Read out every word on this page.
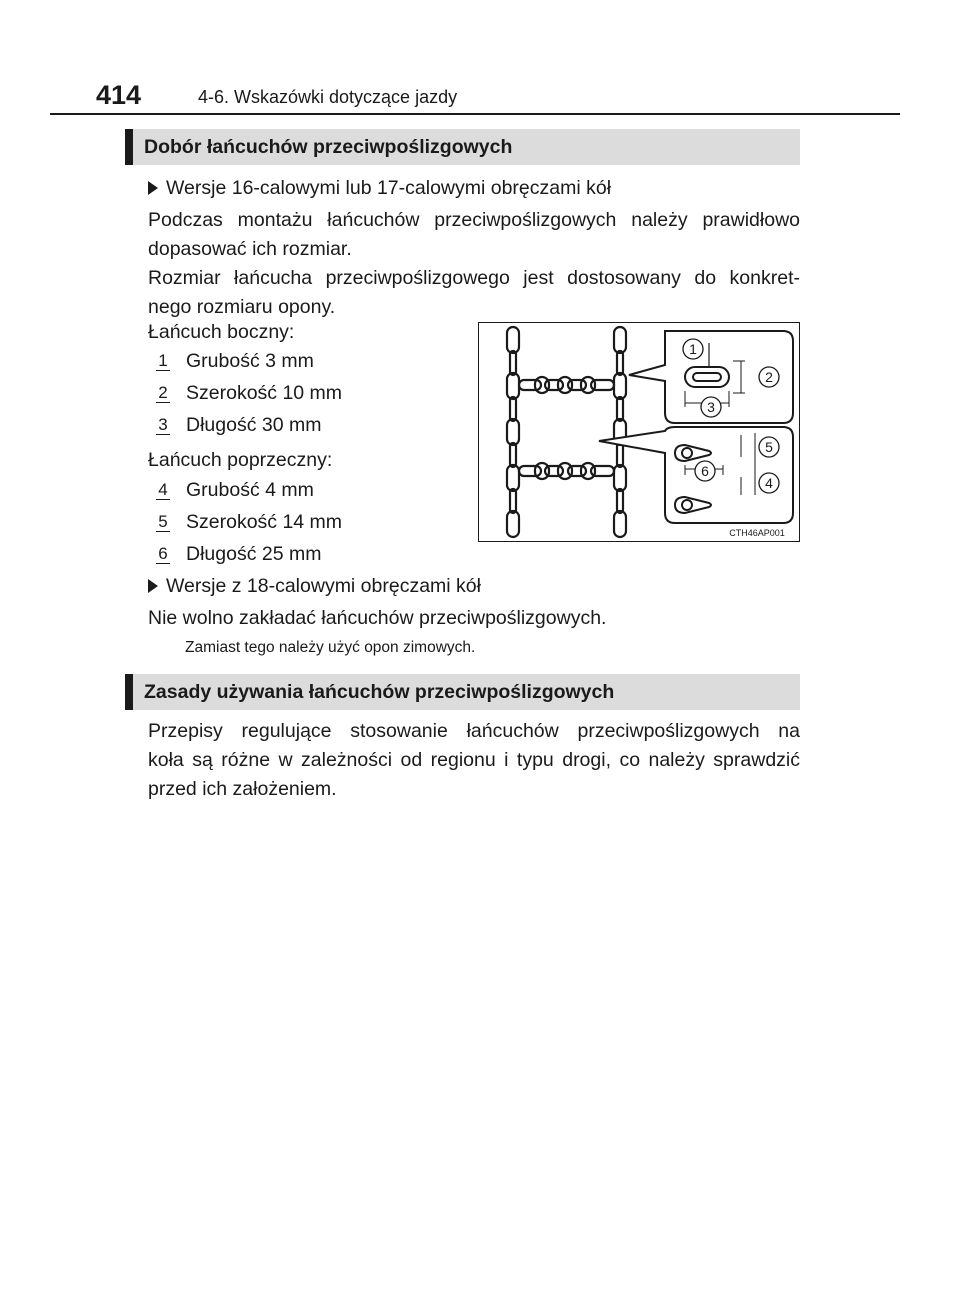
414	4-6. Wskazówki dotyczące jazdy
Dobór łańcuchów przeciwpoślizgowych
Wersje 16-calowymi lub 17-calowymi obręczami kół
Podczas montażu łańcuchów przeciwpoślizgowych należy prawidłowo
dopasować ich rozmiar.
Rozmiar łańcucha przeciwpoślizgowego jest dostosowany do konkret-
nego rozmiaru opony.
Łańcuch boczny:
1 Grubość 3 mm
2 Szerokość 10 mm
3 Długość 30 mm
Łańcuch poprzeczny:
4 Grubość 4 mm
5 Szerokość 14 mm
6 Długość 25 mm
Wersje z 18-calowymi obręczami kół
Nie wolno zakładać łańcuchów przeciwpoślizgowych.
Zamiast tego należy użyć opon zimowych.
1
2
3
4
5
6
CTH46AP001
Zasady używania łańcuchów przeciwpoślizgowych
Przepisy regulujące stosowanie łańcuchów przeciwpoślizgowych na
koła są różne w zależności od regionu i typu drogi, co należy sprawdzić
przed ich założeniem.
